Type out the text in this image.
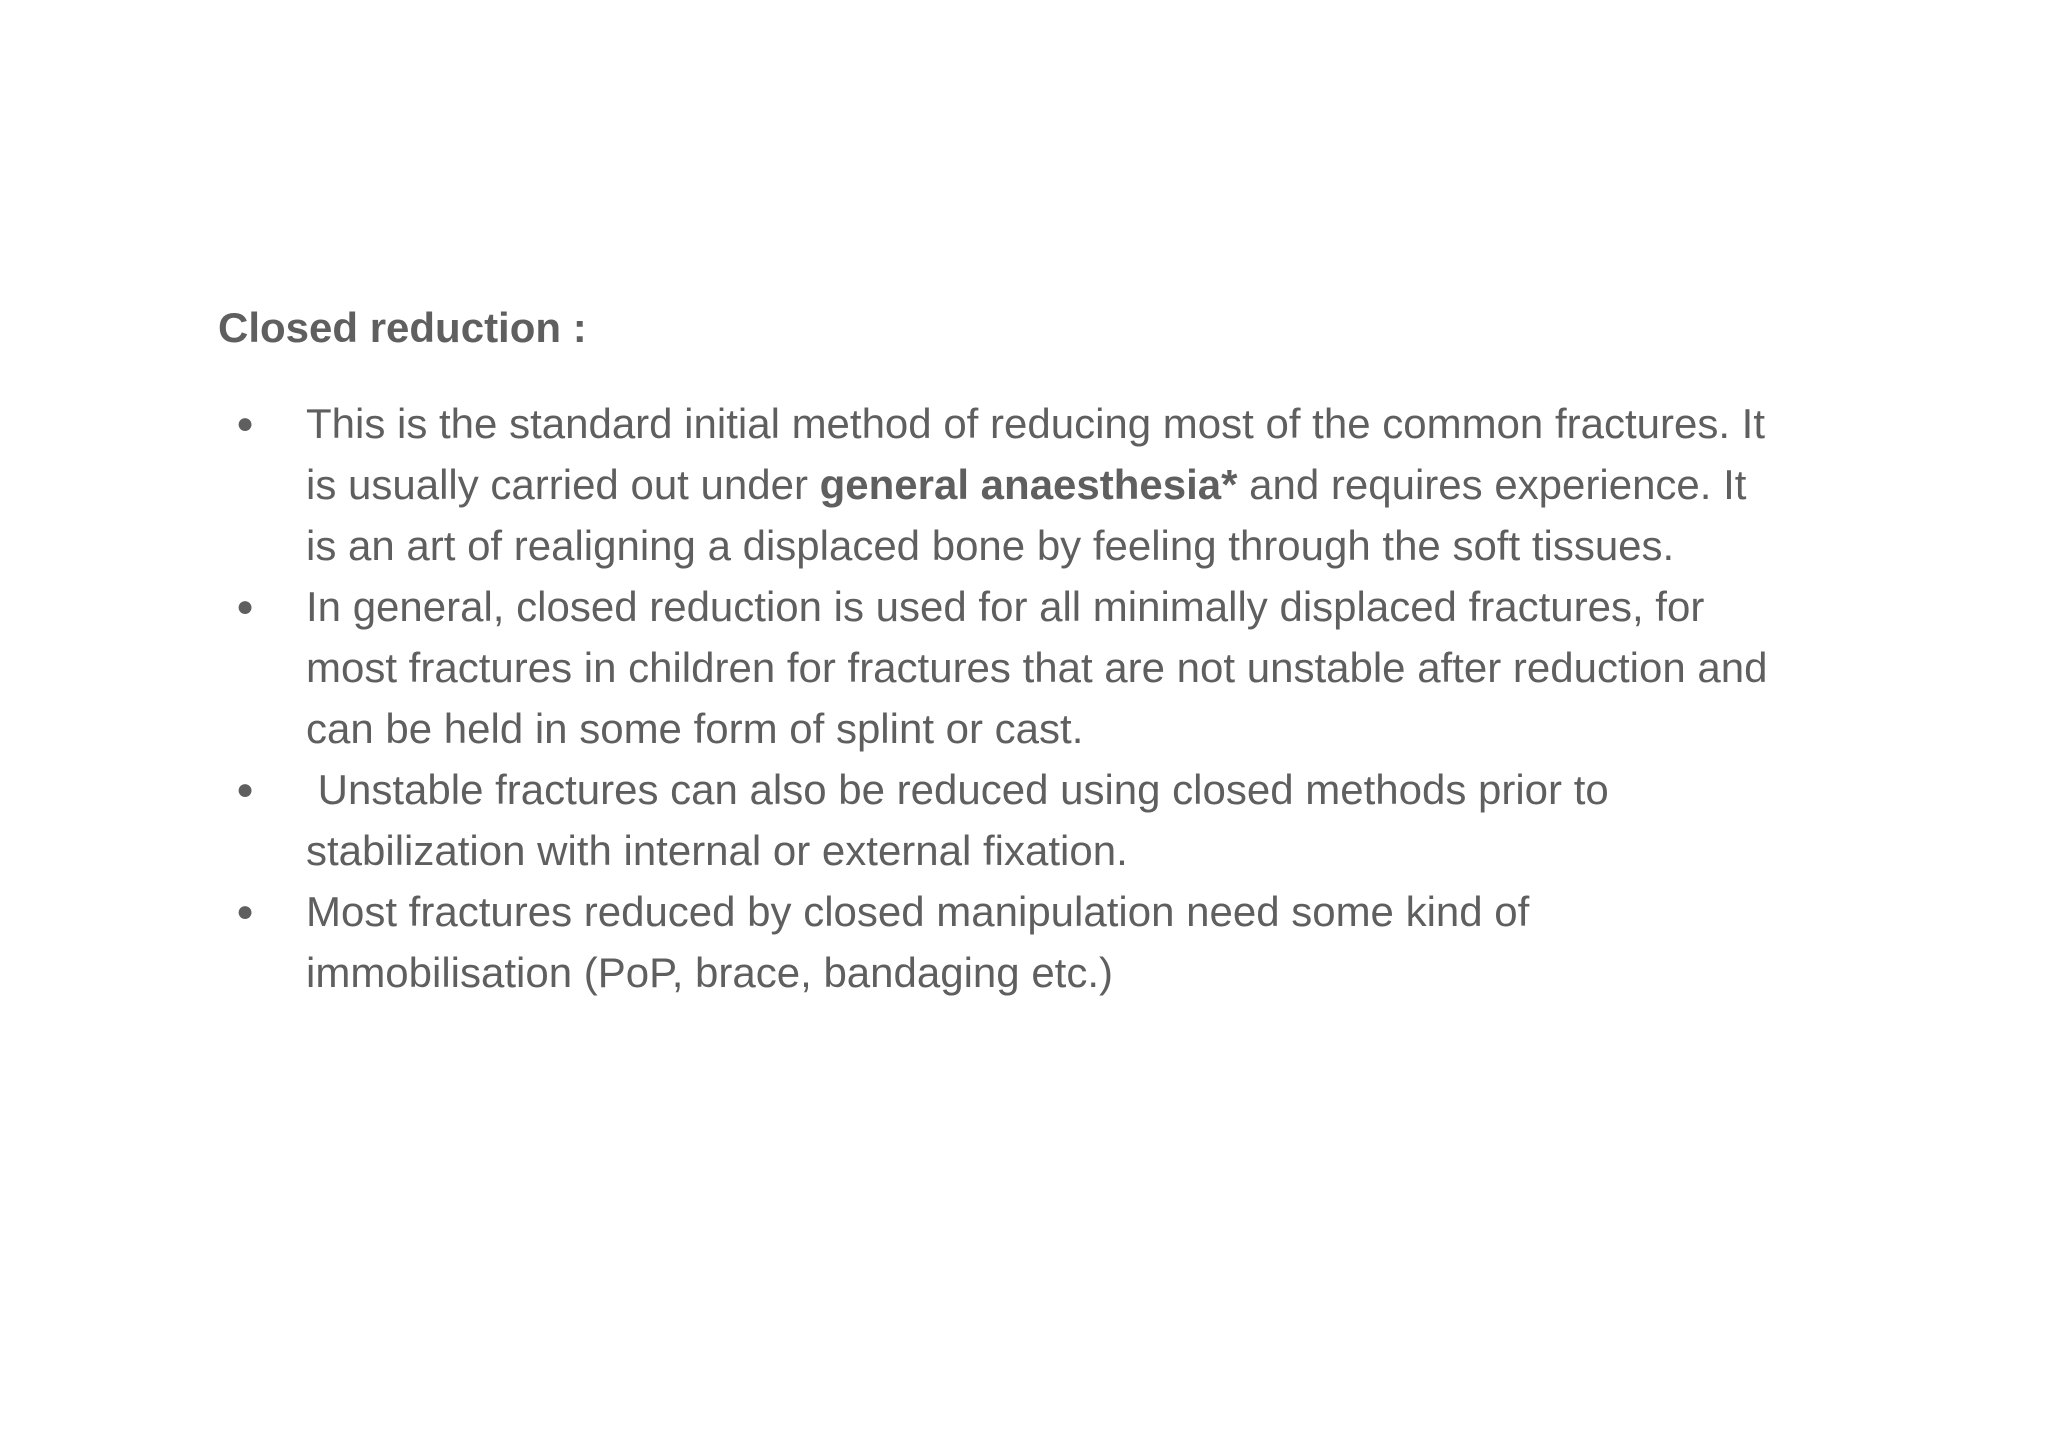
Closed reduction :
● This is the standard initial method of reducing most of the common fractures. It
is usually carried out under general anaesthesia* and requires experience. It
is an art of realigning a displaced bone by feeling through the soft tissues.
● In general, closed reduction is used for all minimally displaced fractures, for
most fractures in children for fractures that are not unstable after reduction and
can be held in some form of splint or cast.
● Unstable fractures can also be reduced using closed methods prior to
stabilization with internal or external fixation.
● Most fractures reduced by closed manipulation need some kind of
immobilisation (PoP, brace, bandaging etc.)
